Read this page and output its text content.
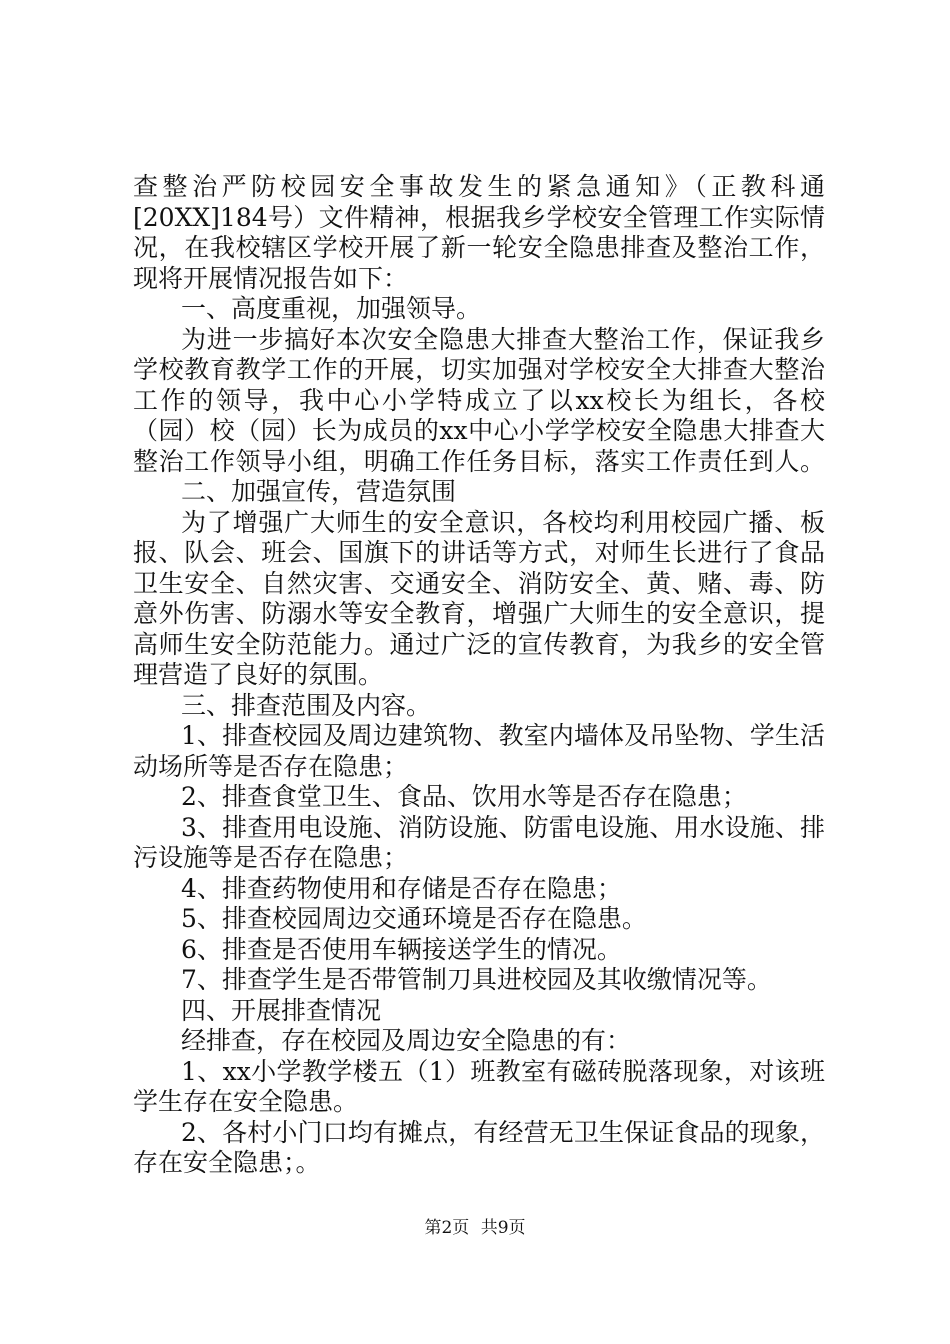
查整治严防校园安全事故发生的紧急通知》（正教科通
[20XX]184号）文件精神，根据我乡学校安全管理工作实际情
况，在我校辖区学校开展了新一轮安全隐患排查及整治工作，
现将开展情况报告如下：
一、高度重视，加强领导。
为进一步搞好本次安全隐患大排查大整治工作，保证我乡
学校教育教学工作的开展，切实加强对学校安全大排查大整治
工作的领导，我中心小学特成立了以xx校长为组长，各校
（园）校（园）长为成员的xx中心小学学校安全隐患大排查大
整治工作领导小组，明确工作任务目标，落实工作责任到人。
二、加强宣传，营造氛围
为了增强广大师生的安全意识，各校均利用校园广播、板
报、队会、班会、国旗下的讲话等方式，对师生长进行了食品
卫生安全、自然灾害、交通安全、消防安全、黄、赌、毒、防
意外伤害、防溺水等安全教育，增强广大师生的安全意识，提
高师生安全防范能力。通过广泛的宣传教育，为我乡的安全管
理营造了良好的氛围。
三、排查范围及内容。
1、排查校园及周边建筑物、教室内墙体及吊坠物、学生活
动场所等是否存在隐患；
2、排查食堂卫生、食品、饮用水等是否存在隐患；
3、排查用电设施、消防设施、防雷电设施、用水设施、排
污设施等是否存在隐患；
4、排查药物使用和存储是否存在隐患；
5、排查校园周边交通环境是否存在隐患。
6、排查是否使用车辆接送学生的情况。
7、排查学生是否带管制刀具进校园及其收缴情况等。
四、开展排查情况
经排查，存在校园及周边安全隐患的有：
1、xx小学教学楼五（1）班教室有磁砖脱落现象，对该班
学生存在安全隐患。
2、各村小门口均有摊点，有经营无卫生保证食品的现象，
存在安全隐患；。
第2页 共9页
